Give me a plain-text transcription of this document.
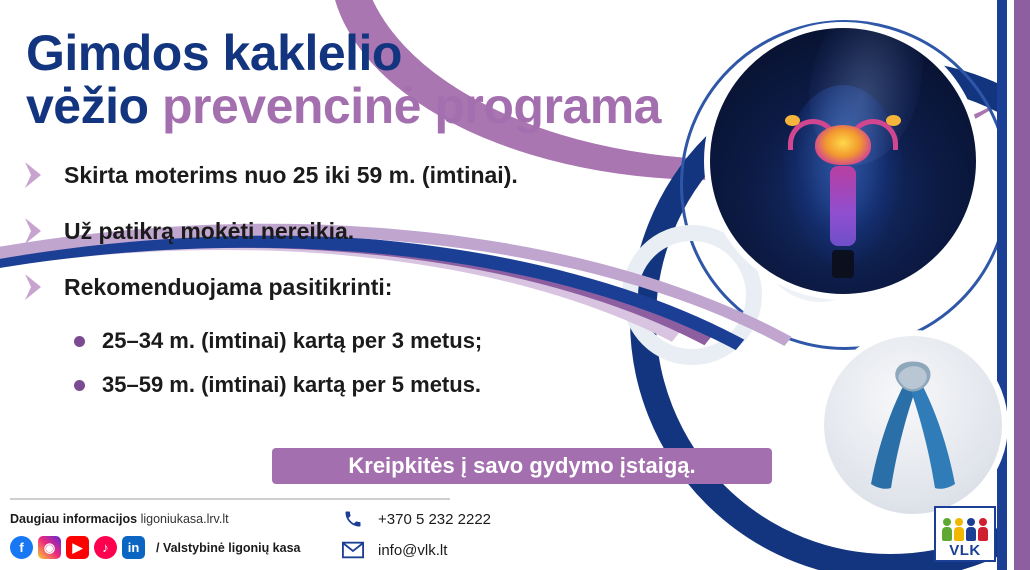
Gimdos kaklelio
vėžio prevencinė programa
Skirta moterims nuo 25 iki 59 m. (imtinai).
Už patikrą mokėti nereikia.
Rekomenduojama pasitikrinti:
25–34 m. (imtinai) kartą per 3 metus;
35–59 m. (imtinai) kartą per 5 metus.
Kreipkitės į savo gydymo įstaigą.
Daugiau informacijos ligoniukasa.lrv.lt
f	◉	▶	♪	in	/ Valstybinė ligonių kasa
+370 5 232 2222
info@vlk.lt	VLK
